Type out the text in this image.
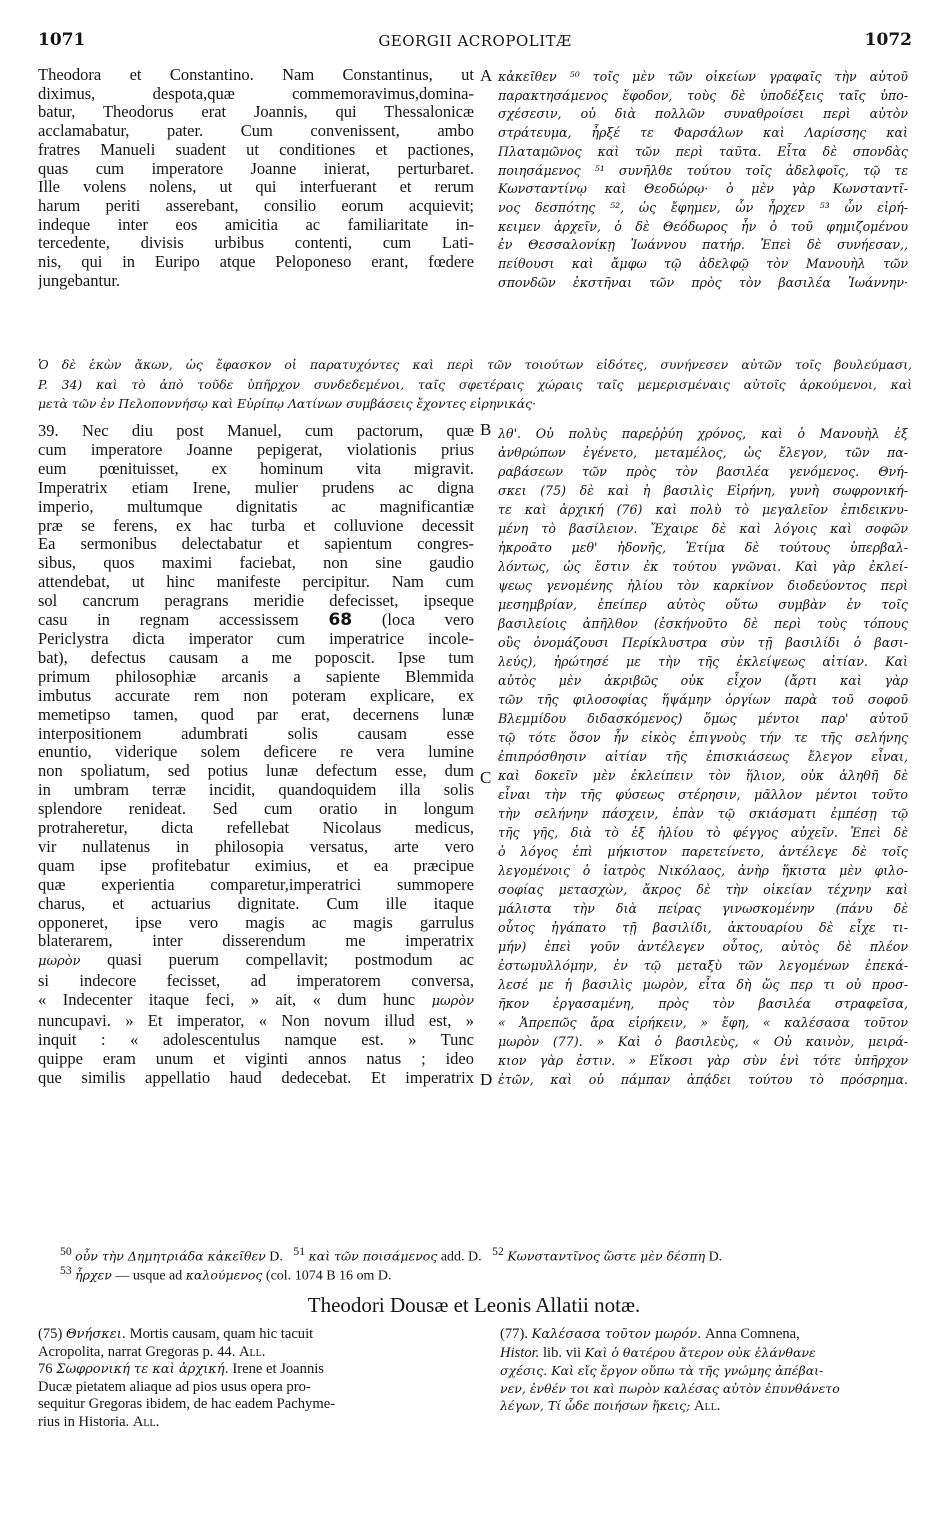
1071	GEORGII ACROPOLITÆ	1072
A
B
C
D
Theodora et Constantino. Nam Constantinus, ut
diximus, despota,quæ commemoravimus,domina-
batur, Theodorus erat Joannis, qui Thessalonicæ
acclamabatur, pater. Cum convenissent, ambo
fratres Manueli suadent ut conditiones et pactiones,
quas cum imperatore Joanne inierat, perturbaret.
Ille volens nolens, ut qui interfuerant et rerum
harum periti asserebant, consilio eorum acquievit;
indeque inter eos amicitia ac familiaritate in-
tercedente, divisis urbibus contenti, cum Lati-
nis, qui in Euripo atque Peloponeso erant, fœdere
jungebantur.
κἀκεῖθεν ⁵⁰ τοῖς μὲν τῶν οἰκείων γραφαῖς τὴν αὐτοῦ
παρακτησάμενος ἔφοδον, τοὺς δὲ ὑποδέξεις ταῖς ὑπο-
σχέσεσιν, οὐ διὰ πολλῶν συναθροίσει περὶ αὐτὸν
στράτευμα, ἦρξέ τε Φαρσάλων καὶ Λαρίσσης καὶ
Πλαταμῶνος καὶ τῶν περὶ ταῦτα. Εἶτα δὲ σπονδὰς
ποιησάμενος ⁵¹ συνῆλθε τούτου τοῖς ἀδελφοῖς, τῷ τε
Κωνσταντίνῳ καὶ Θεοδώρῳ· ὁ μὲν γὰρ Κωνσταντῖ-
νος δεσπότης ⁵², ὡς ἔφημεν, ὧν ἦρχεν ⁵³ ὧν εἰρή-
κειμεν ἀρχεῖν, ὁ δὲ Θεόδωρος ἦν ὁ τοῦ φημιζομένου
ἐν Θεσσαλονίκῃ Ἰωάννου πατήρ. Ἐπεὶ δὲ συνήεσαν,,
πείθουσι καὶ ἄμφω τῷ ἀδελφῷ τὸν Μανουὴλ τῶν
σπονδῶν ἐκστῆναι τῶν πρὸς τὸν βασιλέα Ἰωάννην·
Ὁ δὲ ἑκὼν ἄκων, ὡς ἔφασκον οἱ παρατυχόντες καὶ περὶ τῶν τοιούτων εἰδότες, συνήνεσεν αὐτῶν τοῖς βουλεύμασι,
P. 34) καὶ τὸ ἀπὸ τοῦδε ὑπῆρχον συνδεδεμένοι, ταῖς σφετέραις χώραις ταῖς μεμερισμέναις αὐτοῖς ἀρκούμενοι, καὶ
μετὰ τῶν ἐν Πελοποννήσῳ καὶ Εὐρίπῳ Λατίνων συμβάσεις ἔχοντες εἰρηνικάς·
39. Nec diu post Manuel, cum pactorum, quæ
cum imperatore Joanne pepigerat, violationis prius
eum pœnituisset, ex hominum vita migravit.
Imperatrix etiam Irene, mulier prudens ac digna
imperio, multumque dignitatis ac magnificantiæ
præ se ferens, ex hac turba et colluvione decessit
Ea sermonibus delectabatur et sapientum congres-
sibus, quos maximi faciebat, non sine gaudio
attendebat, ut hinc manifeste percipitur. Nam cum
sol cancrum peragrans meridie defecisset, ipseque
casu in regnam accessissem 68 (loca vero
Periclystra dicta imperator cum imperatrice incole-
bat), defectus causam a me poposcit. Ipse tum
primum philosophiæ arcanis a sapiente Blemmida
imbutus accurate rem non poteram explicare, ex
memetipso tamen, quod par erat, decernens lunæ
interpositionem adumbrati solis causam esse
enuntio, viderique solem deficere re vera lumine
non spoliatum, sed potius lunæ defectum esse, dum
in umbram terræ incidit, quandoquidem illa solis
splendore renideat. Sed cum oratio in longum
protraheretur, dicta refellebat Nicolaus medicus,
vir nullatenus in philosopia versatus, arte vero
quam ipse profitebatur eximius, et ea præcipue
quæ experientia comparetur,imperatrici summopere
charus, et actuarius dignitate. Cum ille itaque
opponeret, ipse vero magis ac magis garrulus
blaterarem, inter disserendum me imperatrix
μωρὸν quasi puerum compellavit; postmodum ac
si indecore fecisset, ad imperatorem conversa,
« Indecenter itaque feci, » ait, « dum hunc μωρὸν
nuncupavi. » Et imperator, « Non novum illud est, »
inquit : « adolescentulus namque est. » Tunc
quippe eram unum et viginti annos natus ; ideo
que similis appellatio haud dedecebat. Et imperatrix
λθ'. Οὐ πολὺς παρεῤῥύη χρόνος, καὶ ὁ Μανουὴλ ἐξ
ἀνθρώπων ἐγένετο, μεταμέλος, ὡς ἔλεγον, τῶν πα-
ραβάσεων τῶν πρὸς τὸν βασιλέα γενόμενος. Θνή-
σκει (75) δὲ καὶ ἡ βασιλὶς Εἰρήνη, γυνὴ σωφρονική-
τε καὶ ἀρχική (76) καὶ πολὺ τὸ μεγαλεῖον ἐπιδεικνυ-
μένη τὸ βασίλειον. Ἔχαιρε δὲ καὶ λόγοις καὶ σοφῶν
ἠκροᾶτο μεθ' ἡδονῆς, Ἐτίμα δὲ τούτους ὑπερβαλ-
λόντως, ὡς ἔστιν ἐκ τούτου γνῶναι. Καὶ γὰρ ἐκλεί-
ψεως γενομένης ἡλίου τὸν καρκίνον διοδεύοντος περὶ
μεσημβρίαν, ἐπείπερ αὐτὸς οὕτω συμβὰν ἐν τοῖς
βασιλείοις ἀπῆλθον (ἐσκήνοῦτο δὲ περὶ τοὺς τόπους
οὓς ὀνομάζουσι Περίκλυστρα σὺν τῇ βασιλίδι ὁ βασι-
λεύς), ἠρώτησέ με τὴν τῆς ἐκλείψεως αἰτίαν. Καὶ
αὐτὸς μὲν ἀκριβῶς οὐκ εἶχον (ἄρτι καὶ γὰρ
τῶν τῆς φιλοσοφίας ἥψάμην ὀργίων παρὰ τοῦ σοφοῦ
Βλεμμίδου διδασκόμενος) ὅμως μέντοι παρ' αὐτοῦ
τῷ τότε ὅσον ἦν εἰκὸς ἐπιγνοὺς τήν τε τῆς σελήνης
ἐπιπρόσθησιν αἰτίαν τῆς ἐπισκιάσεως ἔλεγον εἶναι,
καὶ δοκεῖν μὲν ἐκλείπειν τὸν ἥλιον, οὐκ ἀληθῆ δὲ
εἶναι τὴν τῆς φύσεως στέρησιν, μᾶλλον μέντοι τοῦτο
τὴν σελήνην πάσχειν, ἐπὰν τῷ σκιάσματι ἐμπέσῃ τῷ
τῆς γῆς, διὰ τὸ ἐξ ἡλίου τὸ φέγγος αὐχεῖν. Ἐπεὶ δὲ
ὁ λόγος ἐπὶ μήκιστον παρετείνετο, ἀντέλεγε δὲ τοῖς
λεγομένοις ὁ ἰατρὸς Νικόλαος, ἀνὴρ ἥκιστα μὲν φιλο-
σοφίας μετασχὼν, ἄκρος δὲ τὴν οἰκείαν τέχνην καὶ
μάλιστα τὴν διὰ πείρας γινωσκομένην (πάνυ δὲ
οὗτος ἠγάπατο τῇ βασιλίδι, ἀκτουαρίου δὲ εἶχε τι-
μήν) ἐπεὶ γοῦν ἀντέλεγεν οὗτος, αὐτὸς δὲ πλέον
ἐστωμυλλόμην, ἐν τῷ μεταξὺ τῶν λεγομένων ἐπεκά-
λεσέ με ἡ βασιλὶς μωρὸν, εἶτα δὴ ὥς περ τι οὐ προσ-
ῆκον ἐργασαμένη, πρὸς τὸν βασιλέα στραφεῖσα,
« Ἀπρεπῶς ἄρα εἰρήκειν, » ἔφη, « καλέσασα τοῦτον
μωρὸν (77). » Καὶ ὁ βασιλεὺς, « Οὐ καινὸν, μειρά-
κιον γὰρ ἐστιν. » Εἴκοσι γὰρ σὺν ἑνὶ τότε ὑπῆρχον
ἐτῶν, καὶ οὐ πάμπαν ἀπᾴδει τούτου τὸ πρόσρημα.
$^{50}$ οὖν τὴν Δημητριάδα κἀκεῖθεν D. $^{51}$ καὶ τῶν ποισάμενος add. D. $^{52}$ Κωνσταντῖνος ὥστε μὲν δέσπη D.
$^{53}$ ἦρχεν — usque ad καλούμενος (col. 1074 B 16 om D.
Theodori Dousæ et Leonis Allatii notæ.
(75) Θνήσκει. Mortis causam, quam hic tacuit
Acropolita, narrat Gregoras p. 44. All.
76 Σωφρονική τε καὶ ἀρχική. Irene et Joannis
Ducæ pietatem aliaque ad pios usus opera pro-
sequitur Gregoras ibidem, de hac eadem Pachyme-
rius in Historia. All.
(77). Καλέσασα τοῦτον μωρόν. Anna Comnena,
Histor. lib. vii Καὶ ὁ θατέρου ἄτερον οὐκ ἐλάνθανε
σχέσις. Καὶ εἴς ἔργον οὕπω τὰ τῆς γνώμης ἀπέβαι-
νεν, ἐνθέν τοι καὶ πωρὸν καλέσας αὐτὸν ἐπυνθάνετο
λέγων, Τί ὧδε ποιήσων ἥκεις; All.
